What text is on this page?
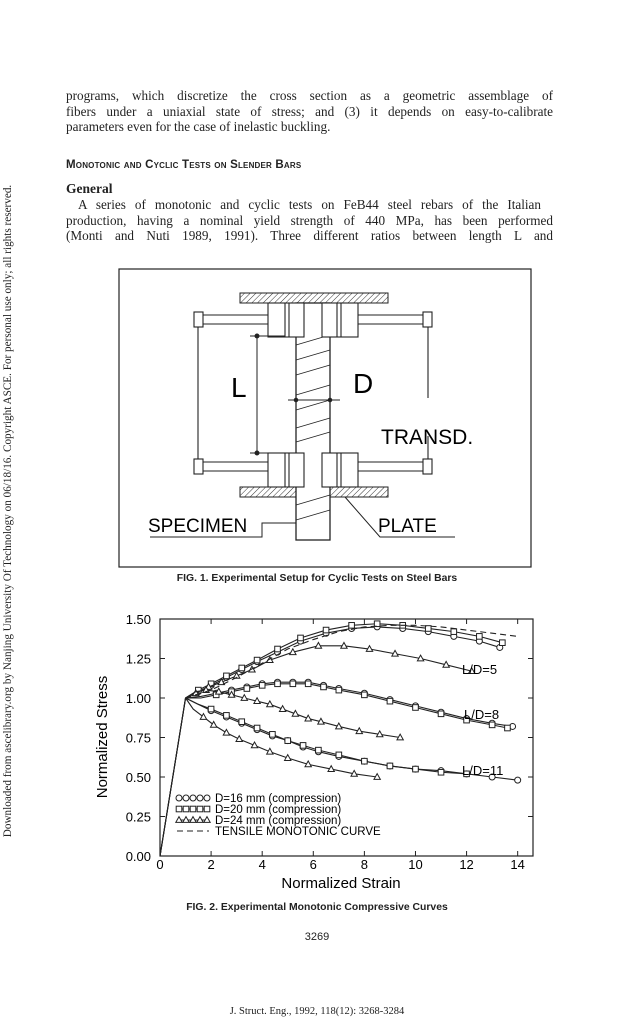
Downloaded from ascelibrary.org by Nanjing University Of Technology on 06/18/16. Copyright ASCE. For personal use only; all rights reserved.
programs, which discretize the cross section as a geometric assemblage of
fibers under a uniaxial state of stress; and (3) it depends on easy-to-calibrate
parameters even for the case of inelastic buckling.
Monotonic and Cyclic Tests on Slender Bars
General
A series of monotonic and cyclic tests on FeB44 steel rebars of the Italian
production, having a nominal yield strength of 440 MPa, has been performed
(Monti and Nuti 1989, 1991). Three different ratios between length L and
L	D
TRANSD.
SPECIMEN	PLATE
FIG. 1. Experimental Setup for Cyclic Tests on Steel Bars
0	2	4	6	8	10	12	14
0.00
0.25
0.50
0.75
1.00
1.25
1.50
D=16 mm (compression)
D=20 mm (compression)
D=24 mm (compression)
TENSILE MONOTONIC CURVE
L/D=5
L/D=8
L/D=11
Normalized Strain
Normalized Stress
FIG. 2. Experimental Monotonic Compressive Curves
3269
J. Struct. Eng., 1992, 118(12): 3268-3284
